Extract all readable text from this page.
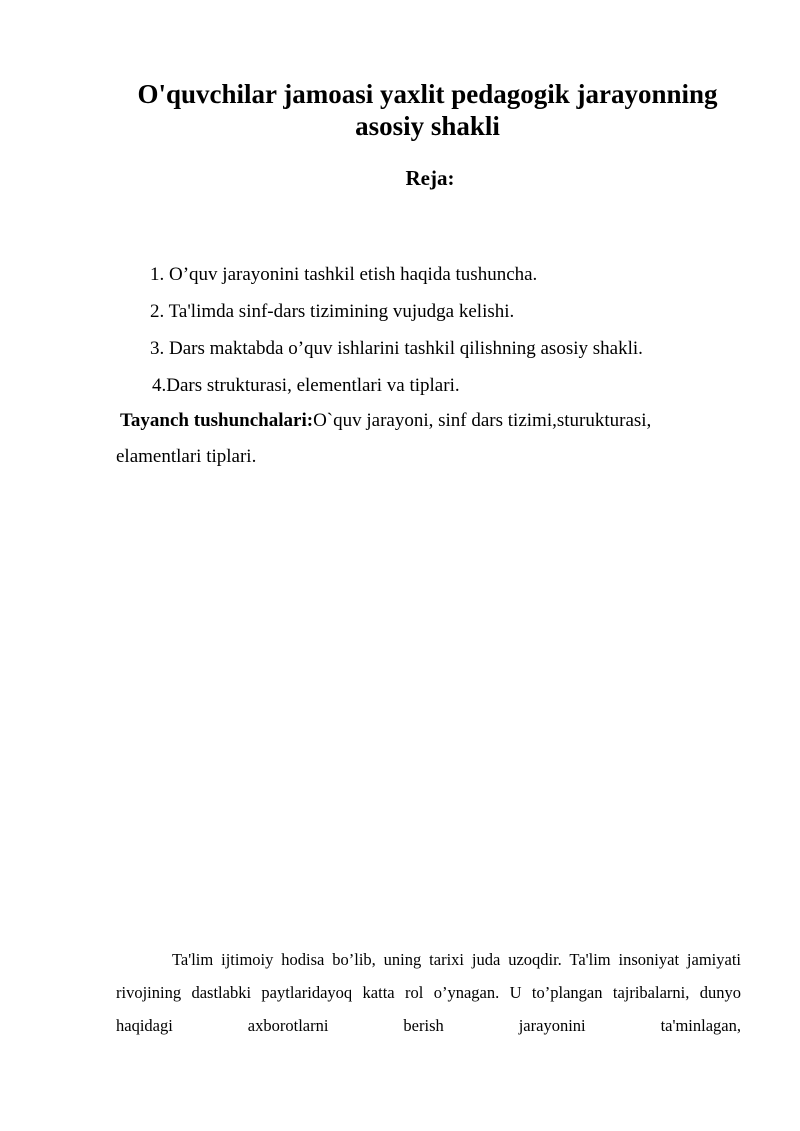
O'quvchilar jamoasi yaxlit pedagogik jarayonning asosiy shakli
Reja:
1. O’quv jarayonini tashkil etish haqida tushuncha.
2. Ta'limda sinf-dars tizimining vujudga kelishi.
3. Dars maktabda o’quv ishlarini tashkil qilishning asosiy shakli.
4.Dars strukturasi, elementlari va tiplari.

Tayanch tushunchalari:O`quv jarayoni, sinf dars tizimi,sturukturasi, elamentlari tiplari.

Ta'lim ijtimoiy hodisa bo’lib, uning tarixi juda uzoqdir. Ta'lim insoniyat jamiyati rivojining dastlabki paytlaridayoq katta rol o’ynagan. U to’plangan tajribalarni, dunyo haqidagi axborotlarni berish jarayonini ta'minlagan,
